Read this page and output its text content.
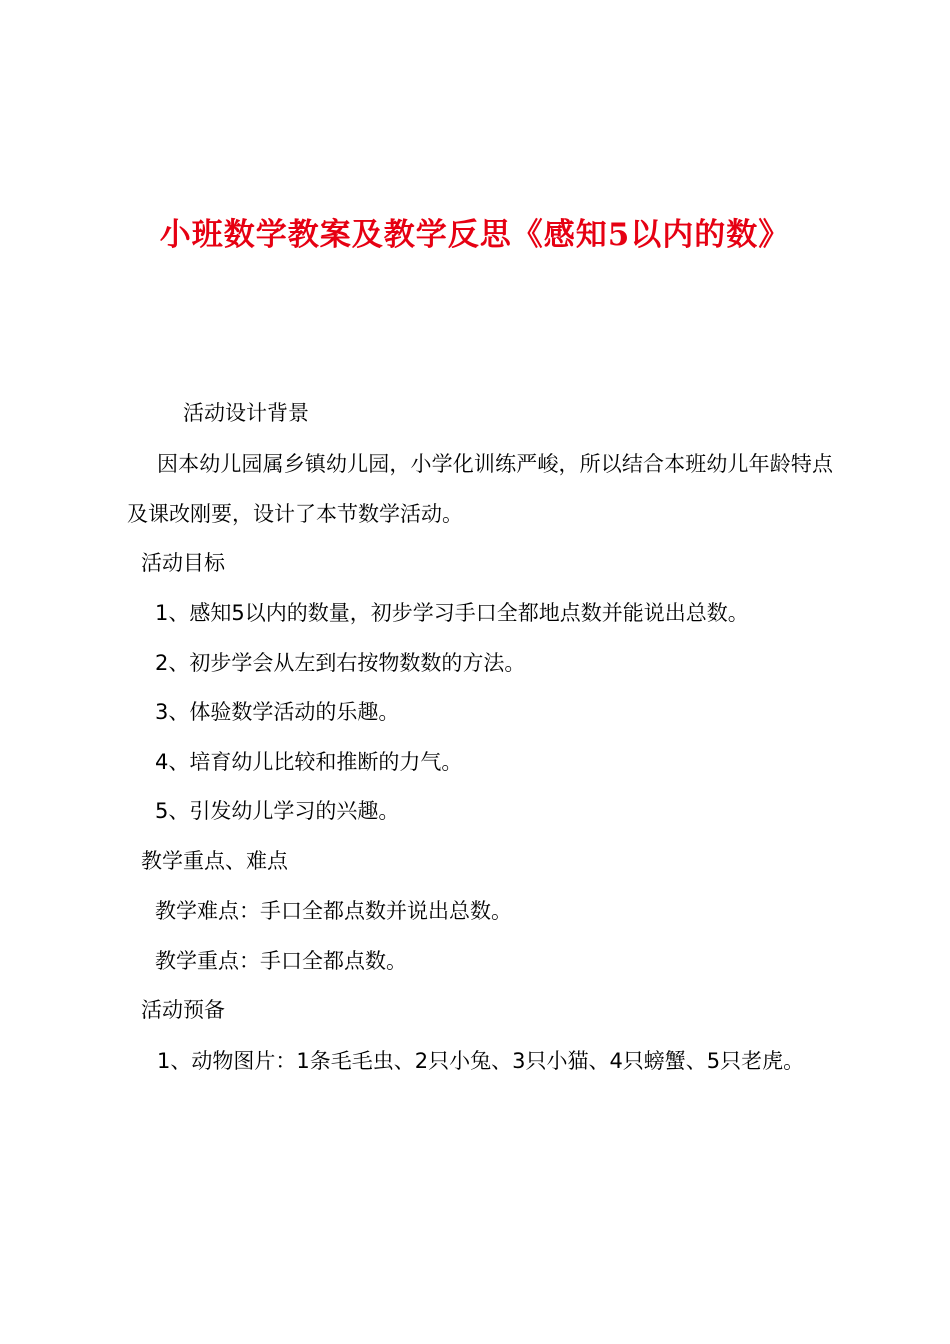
小班数学教案及教学反思《感知5以内的数》
活动设计背景
因本幼儿园属乡镇幼儿园，小学化训练严峻，所以结合本班幼儿年龄特点及课改刚要，设计了本节数学活动。
活动目标
1、感知5以内的数量，初步学习手口全都地点数并能说出总数。
2、初步学会从左到右按物数数的方法。
3、体验数学活动的乐趣。
4、培育幼儿比较和推断的力气。
5、引发幼儿学习的兴趣。
教学重点、难点
教学难点：手口全都点数并说出总数。
教学重点：手口全都点数。
活动预备
1、动物图片：1条毛毛虫、2只小兔、3只小猫、4只螃蟹、5只老虎。
